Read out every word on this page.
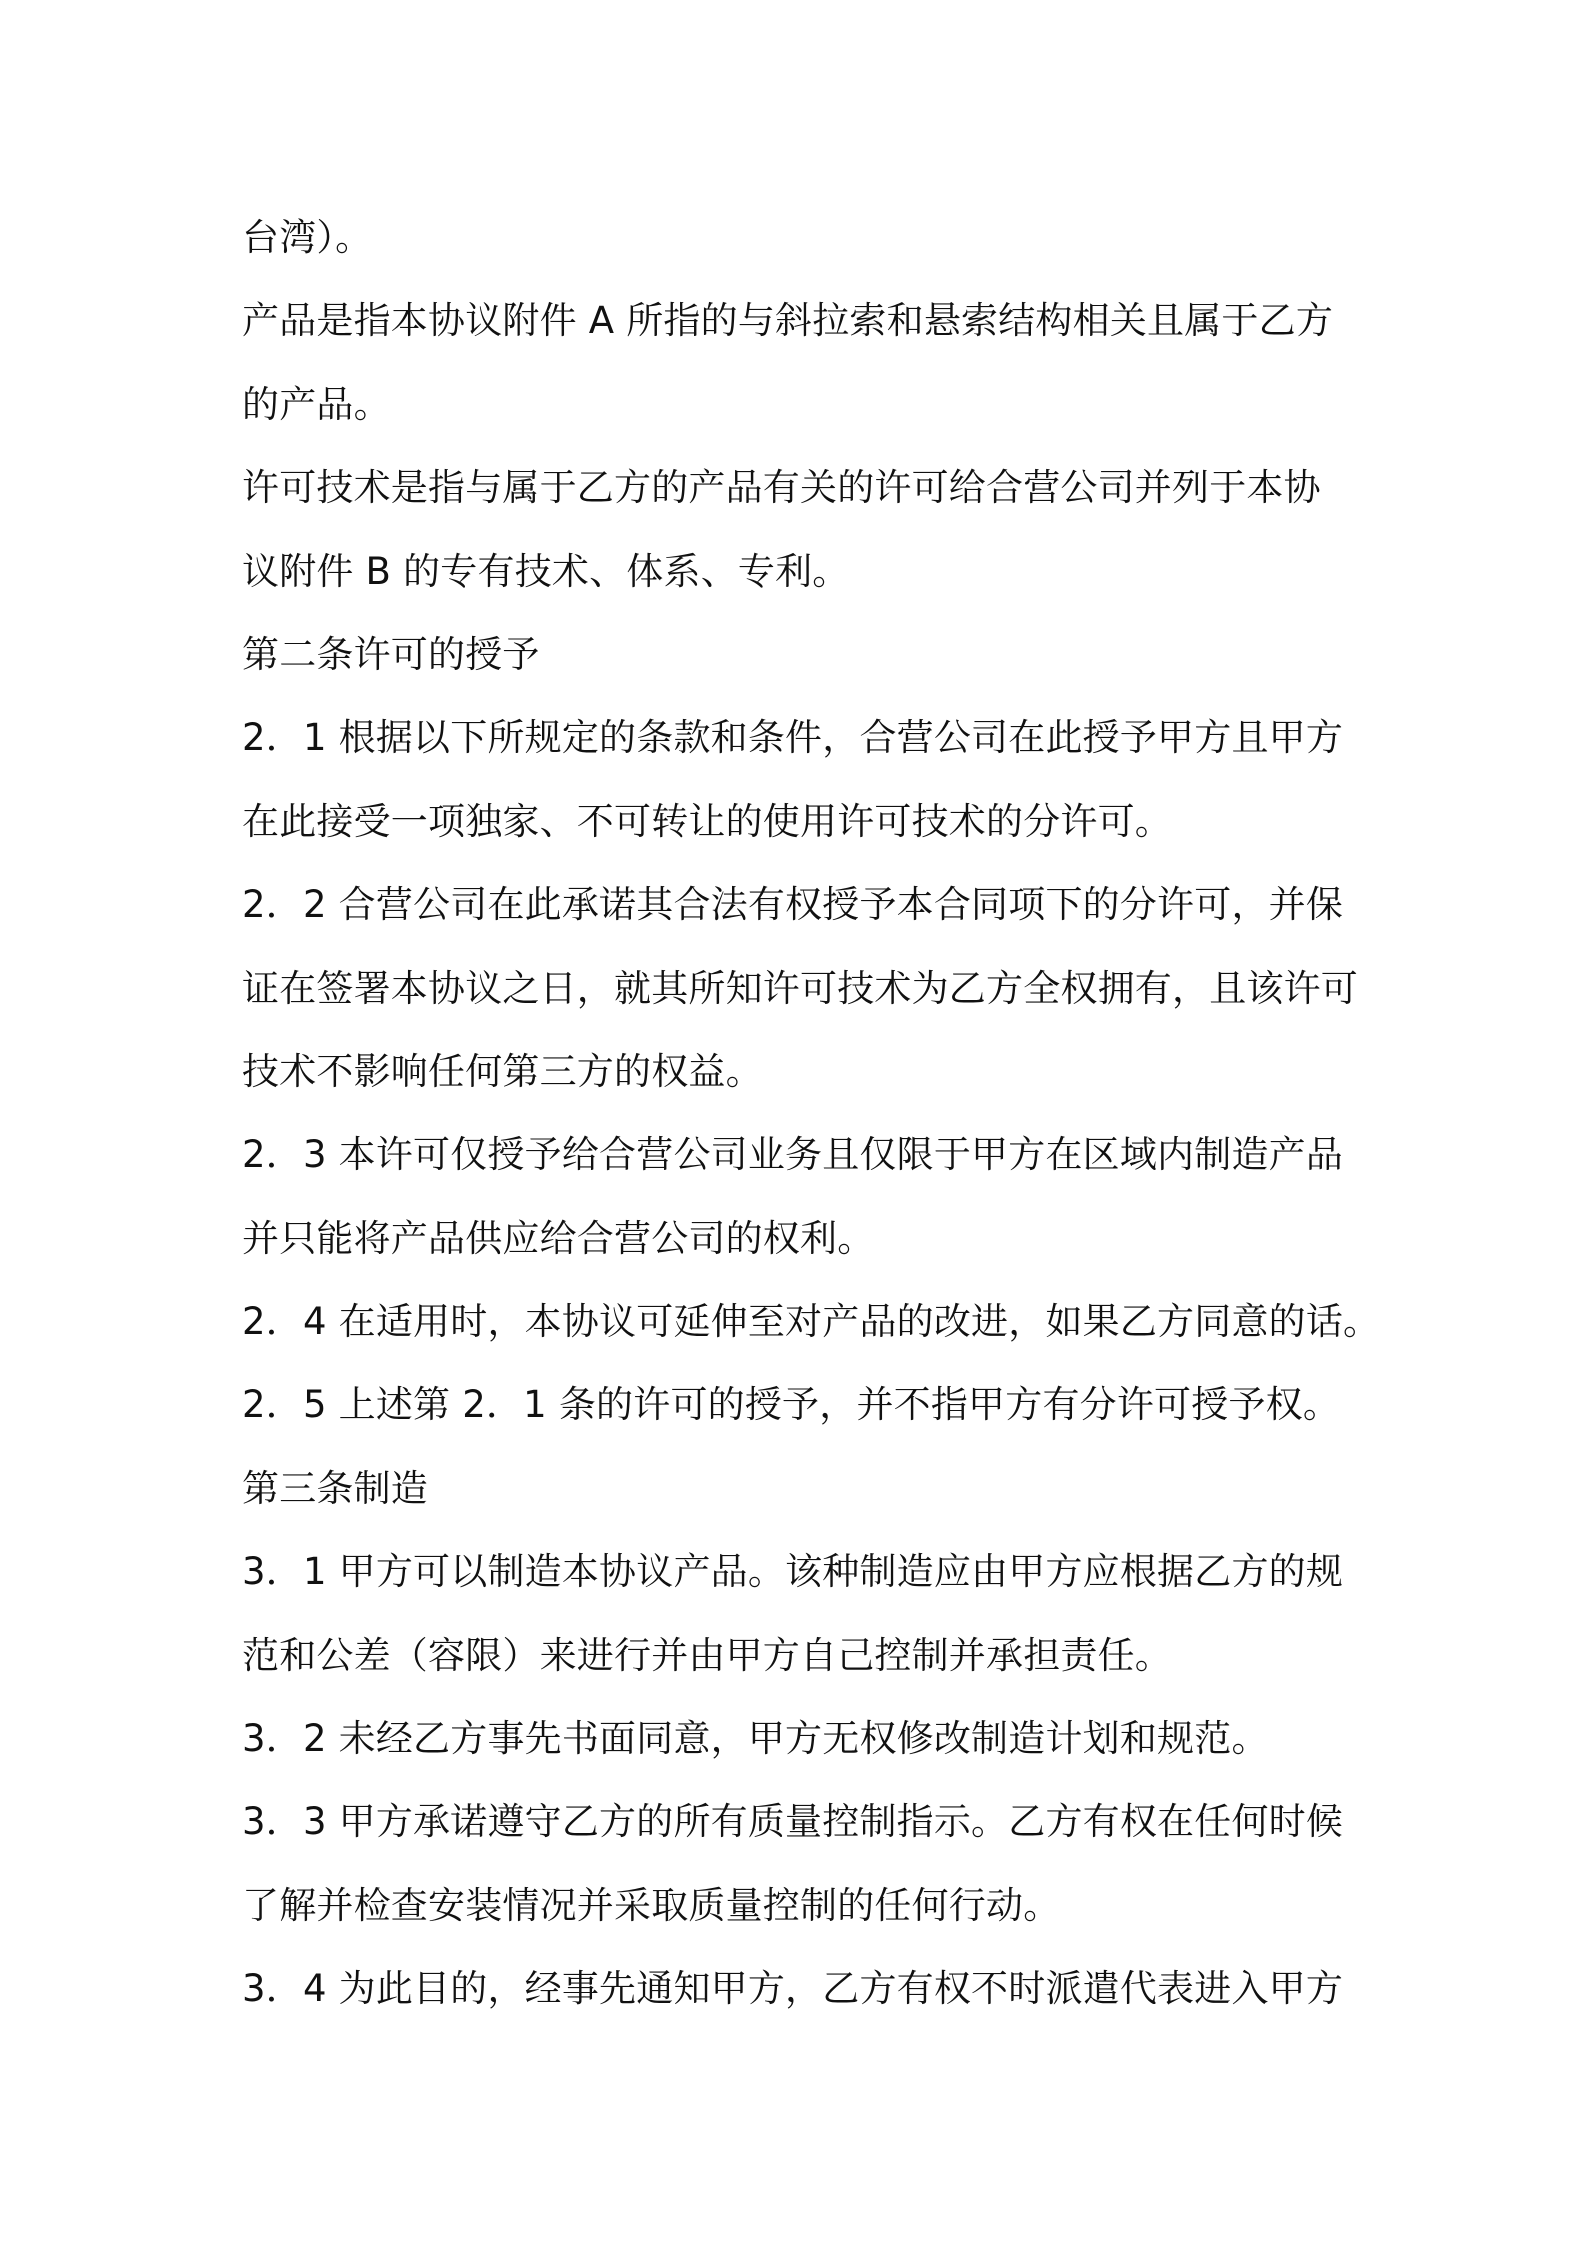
台湾）。
产品是指本协议附件 A 所指的与斜拉索和悬索结构相关且属于乙方
的产品。
许可技术是指与属于乙方的产品有关的许可给合营公司并列于本协
议附件 B 的专有技术、体系、专利。
第二条许可的授予
2．1 根据以下所规定的条款和条件，合营公司在此授予甲方且甲方
在此接受一项独家、不可转让的使用许可技术的分许可。
2．2 合营公司在此承诺其合法有权授予本合同项下的分许可，并保
证在签署本协议之日，就其所知许可技术为乙方全权拥有，且该许可
技术不影响任何第三方的权益。
2．3 本许可仅授予给合营公司业务且仅限于甲方在区域内制造产品
并只能将产品供应给合营公司的权利。
2．4 在适用时，本协议可延伸至对产品的改进，如果乙方同意的话。
2．5 上述第 2．1 条的许可的授予，并不指甲方有分许可授予权。
第三条制造
3．1 甲方可以制造本协议产品。该种制造应由甲方应根据乙方的规
范和公差（容限）来进行并由甲方自己控制并承担责任。
3．2 未经乙方事先书面同意，甲方无权修改制造计划和规范。
3．3 甲方承诺遵守乙方的所有质量控制指示。乙方有权在任何时候
了解并检查安装情况并采取质量控制的任何行动。
3．4 为此目的，经事先通知甲方，乙方有权不时派遣代表进入甲方
